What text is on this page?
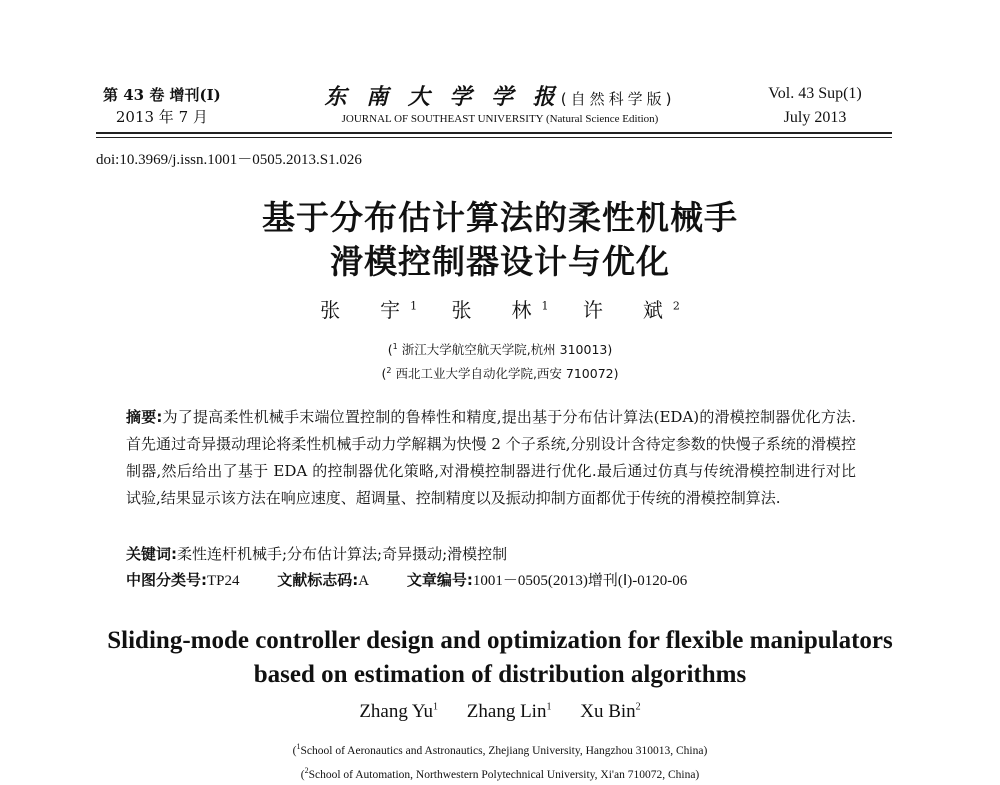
第 43 卷 增刊(Ⅰ)
2013 年 7 月
东 南 大 学 学 报(自然科学版)
JOURNAL OF SOUTHEAST UNIVERSITY (Natural Science Edition)
Vol. 43 Sup(1)
July 2013
doi:10.3969/j.issn.1001－0505.2013.S1.026
基于分布估计算法的柔性机械手
滑模控制器设计与优化
张　宇$^1$ 张　林$^1$ 许　斌$^2$
($^1$ 浙江大学航空航天学院,杭州 310013)
($^2$ 西北工业大学自动化学院,西安 710072)
摘要:为了提高柔性机械手末端位置控制的鲁棒性和精度,提出基于分布估计算法(EDA)的滑模控制器优化方法.首先通过奇异摄动理论将柔性机械手动力学解耦为快慢 2 个子系统,分别设计含待定参数的快慢子系统的滑模控制器,然后给出了基于 EDA 的控制器优化策略,对滑模控制器进行优化.最后通过仿真与传统滑模控制进行对比试验,结果显示该方法在响应速度、超调量、控制精度以及振动抑制方面都优于传统的滑模控制算法.
关键词:柔性连杆机械手;分布估计算法;奇异摄动;滑模控制
中图分类号:TP24	文献标志码:A	文章编号:1001－0505(2013)增刊(Ⅰ)-0120-06
Sliding-mode controller design and optimization for flexible manipulators
based on estimation of distribution algorithms
Zhang Yu$^1$ Zhang Lin$^1$ Xu Bin$^2$
($^1$School of Aeronautics and Astronautics, Zhejiang University, Hangzhou 310013, China)
($^2$School of Automation, Northwestern Polytechnical University, Xi'an 710072, China)
